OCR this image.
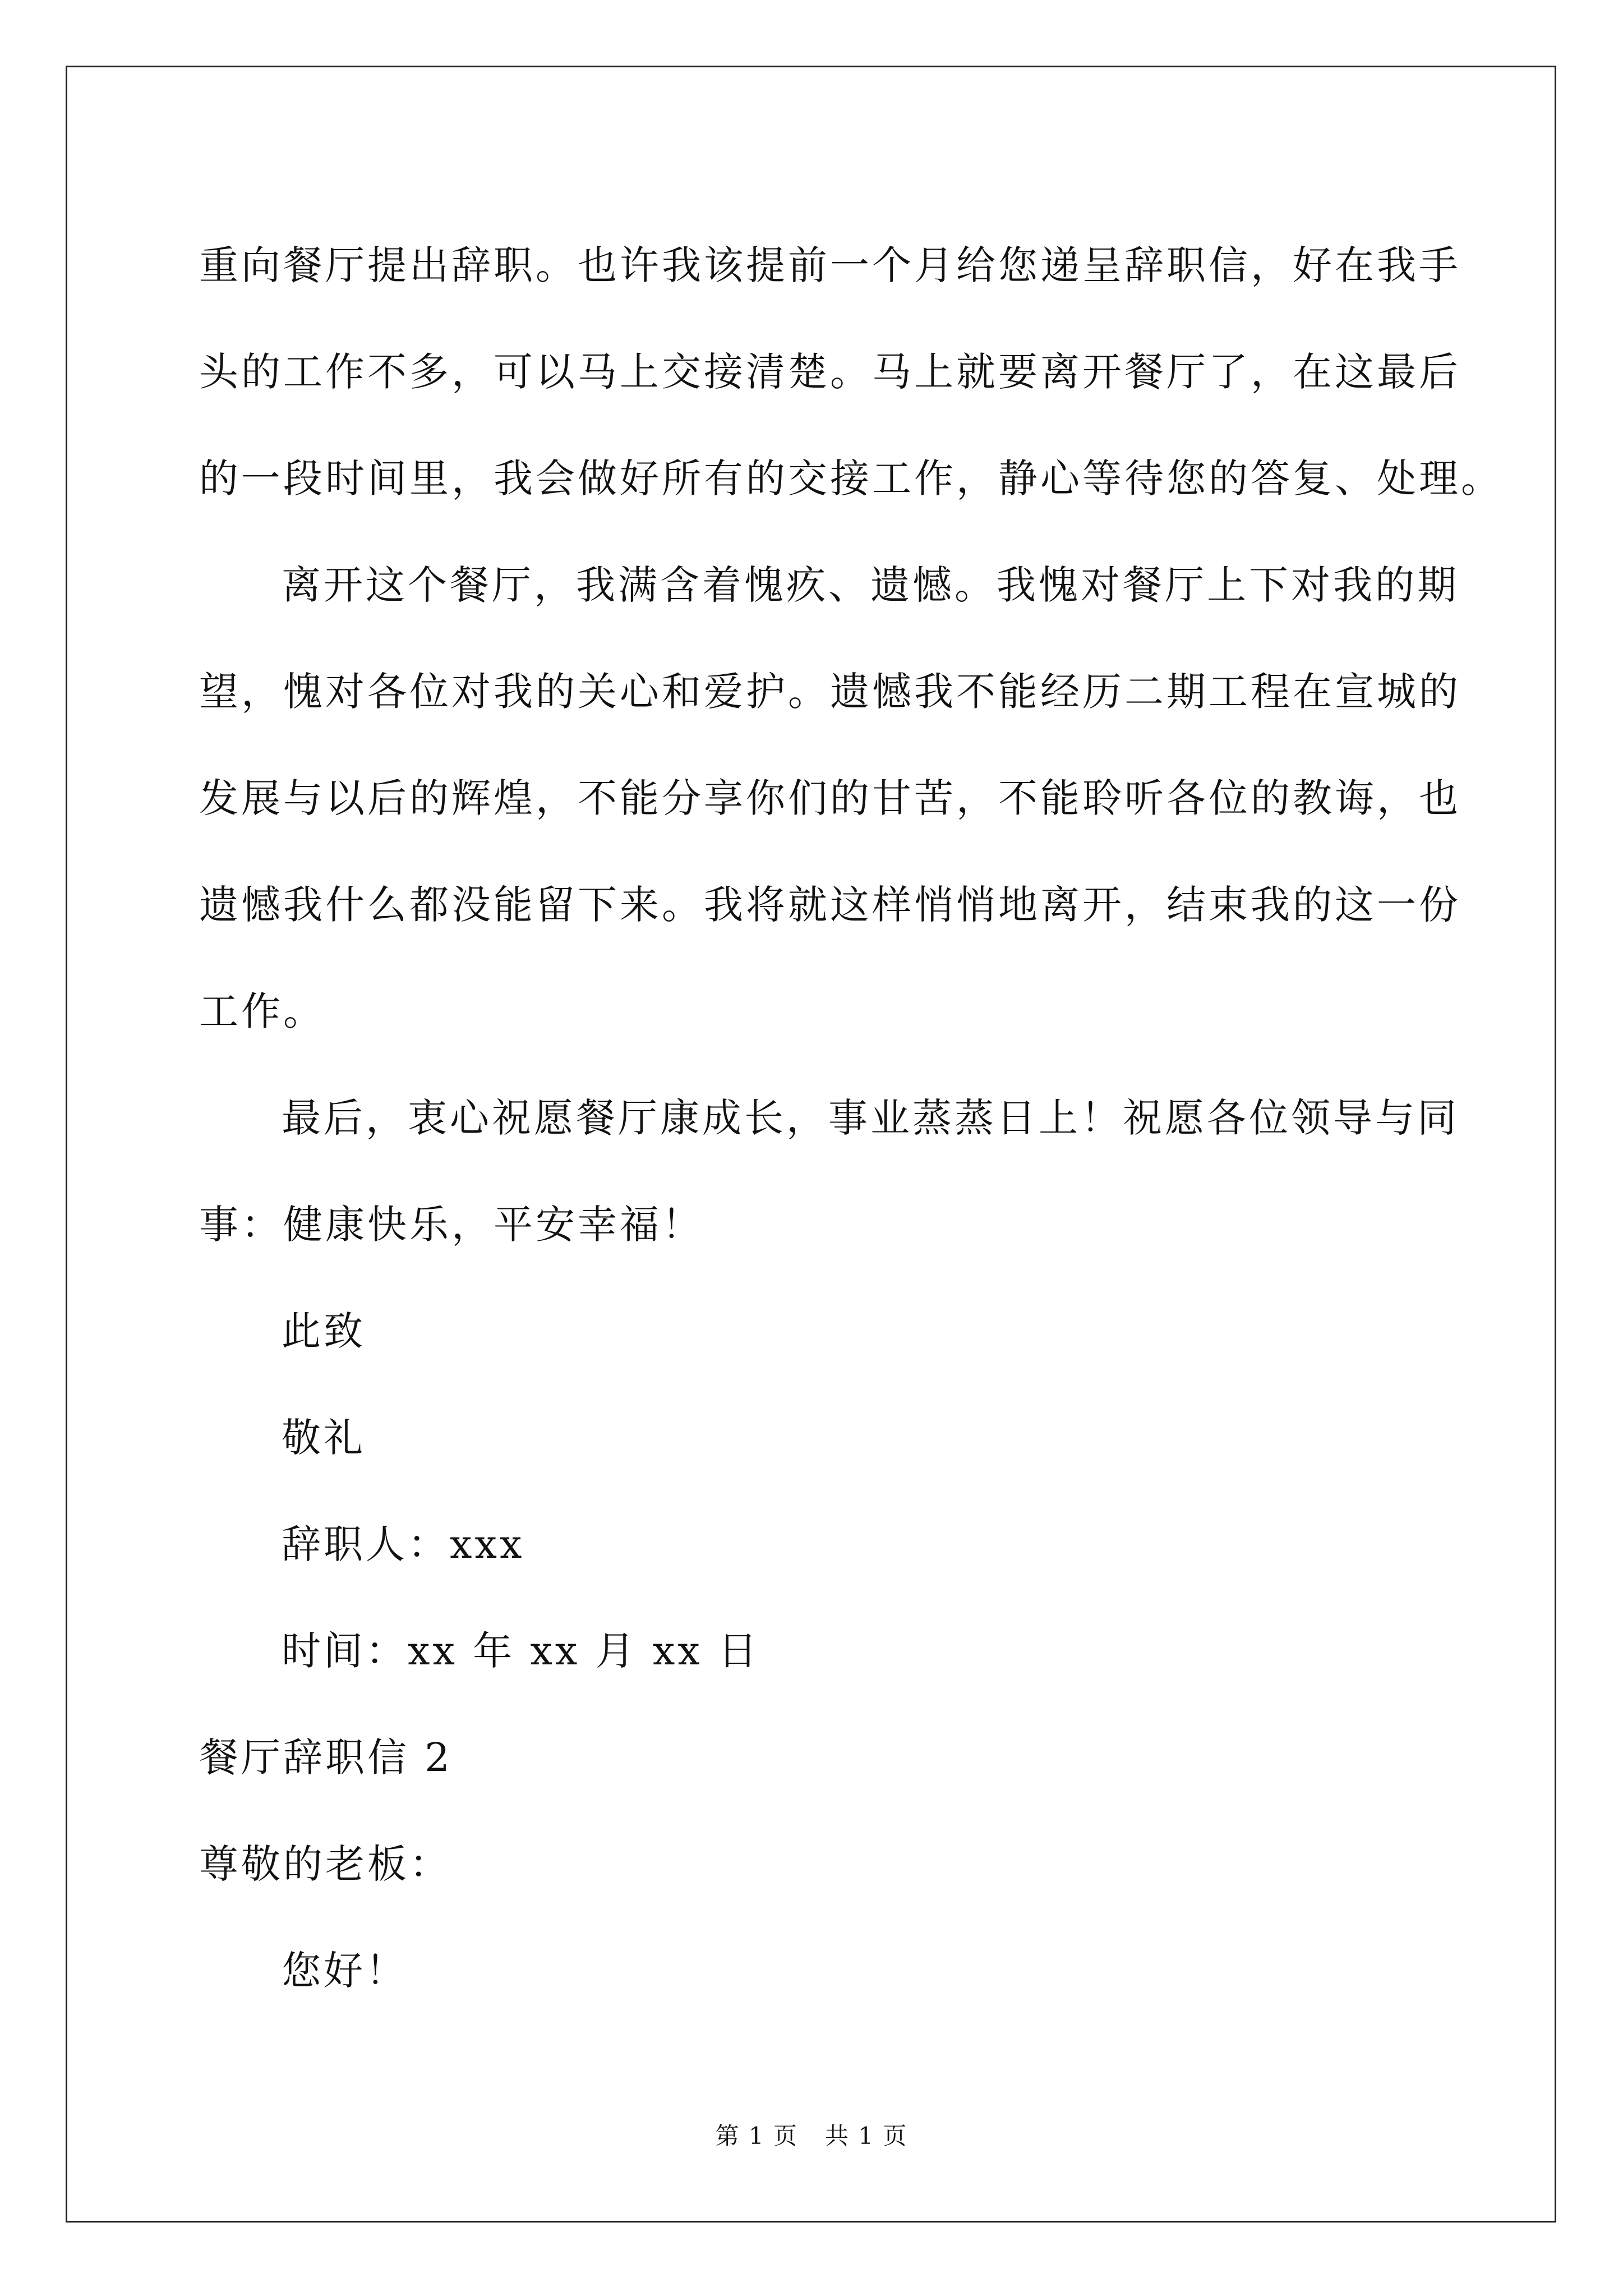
重向餐厅提出辞职。也许我该提前一个月给您递呈辞职信，好在我手
头的工作不多，可以马上交接清楚。马上就要离开餐厅了，在这最后
的一段时间里，我会做好所有的交接工作，静心等待您的答复、处理。
离开这个餐厅，我满含着愧疚、遗憾。我愧对餐厅上下对我的期
望，愧对各位对我的关心和爱护。遗憾我不能经历二期工程在宣城的
发展与以后的辉煌，不能分享你们的甘苦，不能聆听各位的教诲，也
遗憾我什么都没能留下来。我将就这样悄悄地离开，结束我的这一份
工作。
最后，衷心祝愿餐厅康成长，事业蒸蒸日上！祝愿各位领导与同
事：健康快乐，平安幸福！
此致
敬礼
辞职人：xxx
时间：xx 年 xx 月 xx 日
餐厅辞职信 2
尊敬的老板：
您好！
第 1 页 共 1 页
